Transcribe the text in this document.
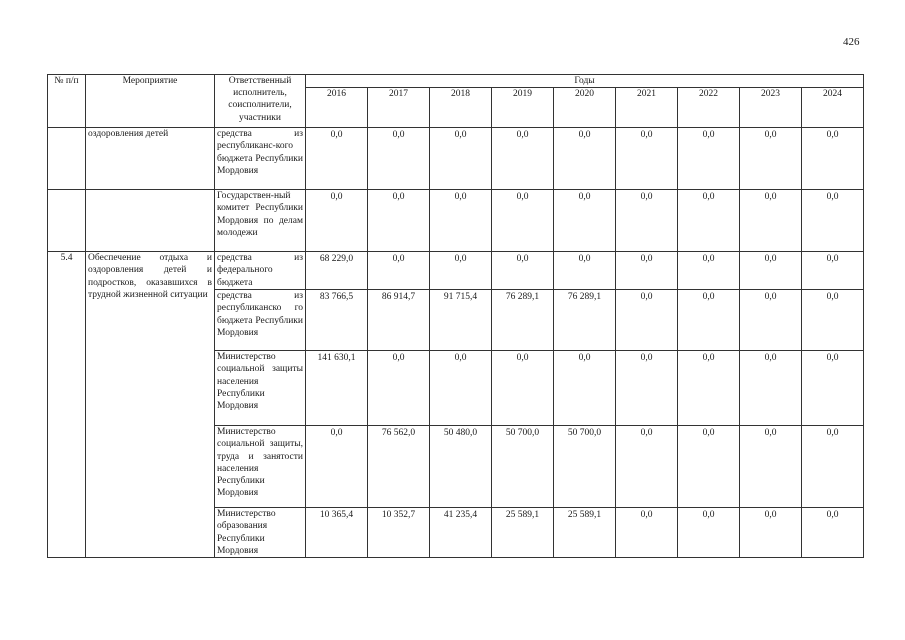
426
№ п/п	Мероприятие	Ответственный исполнитель, соисполнители, участники	Годы								
			2016	2017	2018	2019	2020	2021	2022	2023	2024
	оздоровления детей	средства из республиканс-кого бюджета Республики Мордовия	0,0	0,0	0,0	0,0	0,0	0,0	0,0	0,0	0,0
		Государствен-ный комитет Республики Мордовия по делам молодежи	0,0	0,0	0,0	0,0	0,0	0,0	0,0	0,0	0,0
5.4	Обеспечение отдыха и оздоровления детей и подростков, оказавшихся в трудной жизненной ситуации	средства из федерального бюджета	68 229,0	0,0	0,0	0,0	0,0	0,0	0,0	0,0	0,0
		средства из республиканско го бюджета Республики Мордовия	83 766,5	86 914,7	91 715,4	76 289,1	76 289,1	0,0	0,0	0,0	0,0
		Министерство социальной защиты населения Республики Мордовия	141 630,1	0,0	0,0	0,0	0,0	0,0	0,0	0,0	0,0
		Министерство социальной защиты, труда и занятости населения Республики Мордовия	0,0	76 562,0	50 480,0	50 700,0	50 700,0	0,0	0,0	0,0	0,0
		Министерство образования Республики Мордовия	10 365,4	10 352,7	41 235,4	25 589,1	25 589,1	0,0	0,0	0,0	0,0
